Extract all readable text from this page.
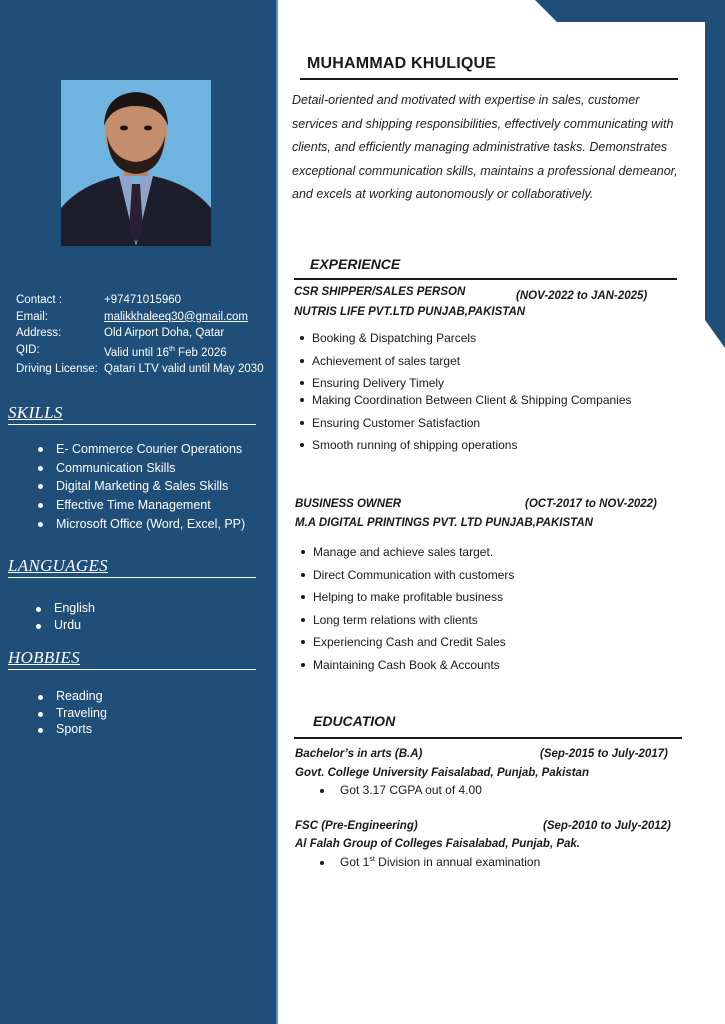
Contact :	+97471015960
Email:	malikkhaleeq30@gmail.com
Address:	Old Airport Doha, Qatar
QID:	Valid until 16th Feb 2026
Driving License: Qatari LTV valid until May 2030
SKILLS
E- Commerce Courier Operations
Communication Skills
Digital Marketing & Sales Skills
Effective Time Management
Microsoft Office (Word, Excel, PP)
LANGUAGES
English
Urdu
HOBBIES
Reading
Traveling
Sports
MUHAMMAD KHULIQUE
Detail-oriented and motivated with expertise in sales, customer services and shipping responsibilities, effectively communicating with clients, and efficiently managing administrative tasks. Demonstrates exceptional communication skills, maintains a professional demeanor, and excels at working autonomously or collaboratively.
EXPERIENCE
CSR SHIPPER/SALES PERSON	(NOV-2022 to JAN-2025)
NUTRIS LIFE PVT.LTD PUNJAB,PAKISTAN
Booking & Dispatching Parcels
Achievement of sales target
Ensuring Delivery Timely
Making Coordination Between Client & Shipping Companies
Ensuring Customer Satisfaction
Smooth running of shipping operations
BUSINESS OWNER	(OCT-2017 to NOV-2022)
M.A DIGITAL PRINTINGS PVT. LTD PUNJAB,PAKISTAN
Manage and achieve sales target.
Direct Communication with customers
Helping to make profitable business
Long term relations with clients
Experiencing Cash and Credit Sales
Maintaining Cash Book & Accounts
EDUCATION
Bachelor’s in arts (B.A)	(Sep-2015 to July-2017)
Govt. College University Faisalabad, Punjab, Pakistan
Got 3.17 CGPA out of 4.00
FSC (Pre-Engineering)	(Sep-2010 to July-2012)
Al Falah Group of Colleges Faisalabad, Punjab, Pak.
Got 1st Division in annual examination
